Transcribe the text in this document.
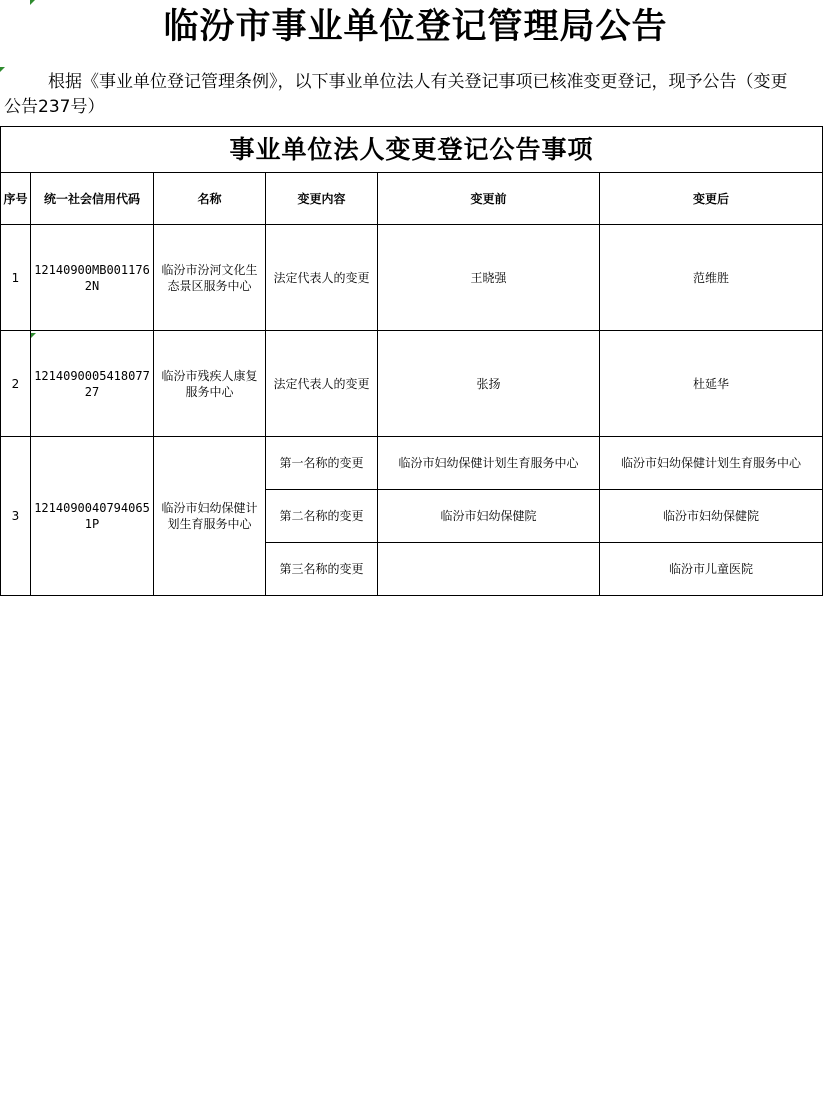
临汾市事业单位登记管理局公告
根据《事业单位登记管理条例》，以下事业单位法人有关登记事项已核准变更登记，现予公告（变更公告237号）
事业单位法人变更登记公告事项					
序号	统一社会信用代码	名称	变更内容	变更前	变更后
1	12140900MB0011762N	临汾市汾河文化生态景区服务中心	法定代表人的变更	王晓强	范维胜
2	121409000541807727	临汾市残疾人康复服务中心	法定代表人的变更	张扬	杜延华
3	12140900407940651P	临汾市妇幼保健计划生育服务中心	第一名称的变更	临汾市妇幼保健计划生育服务中心	临汾市妇幼保健计划生育服务中心
			第二名称的变更	临汾市妇幼保健院	临汾市妇幼保健院
			第三名称的变更		临汾市儿童医院
